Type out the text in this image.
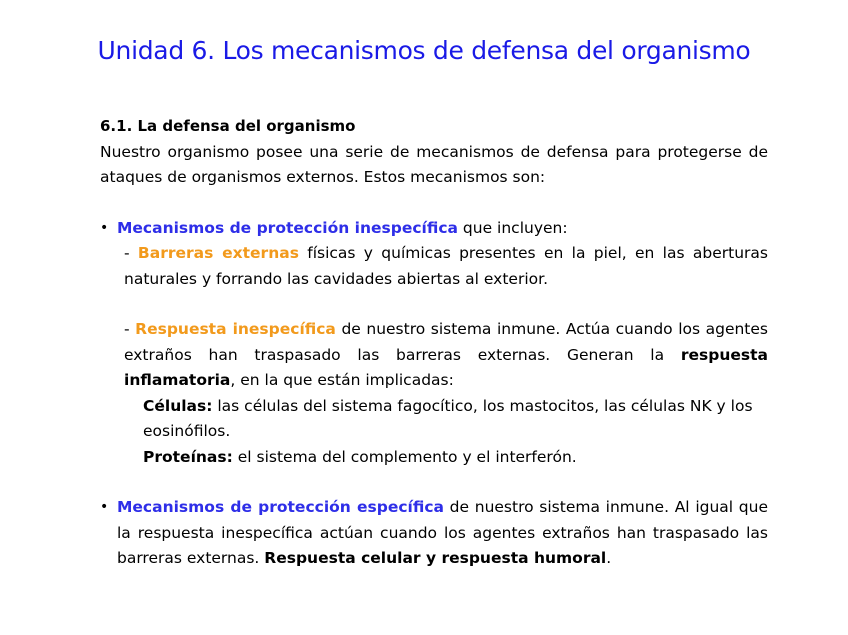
Unidad 6. Los mecanismos de defensa del organismo

6.1. La defensa del organismo

Nuestro organismo posee una serie de mecanismos de defensa para protegerse de ataques de organismos externos. Estos mecanismos son:

• Mecanismos de protección inespecífica que incluyen:

- Barreras externas físicas y químicas presentes en la piel, en las aberturas naturales y forrando las cavidades abiertas al exterior.

- Respuesta inespecífica de nuestro sistema inmune. Actúa cuando los agentes extraños han traspasado las barreras externas. Generan la respuesta inflamatoria, en la que están implicadas:

Células: las células del sistema fagocítico, los mastocitos, las células NK y los eosinófilos.

Proteínas: el sistema del complemento y el interferón.

• Mecanismos de protección específica de nuestro sistema inmune. Al igual que la respuesta inespecífica actúan cuando los agentes extraños han traspasado las barreras externas. Respuesta celular y respuesta humoral.
